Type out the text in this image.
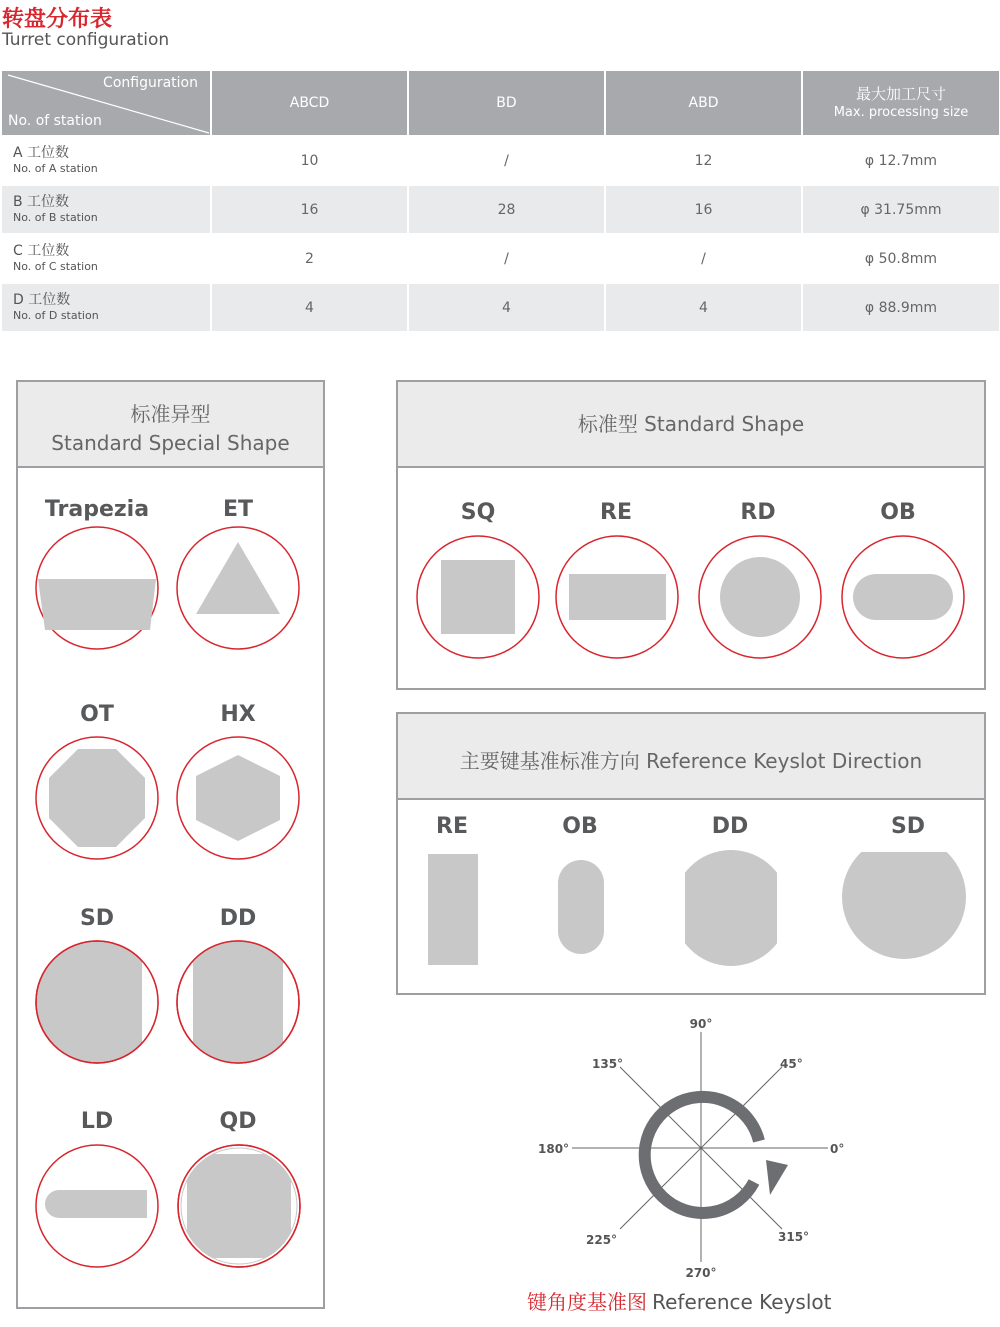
转盘分布表
Turret configuration
Configuration
No. of station	ABCD	BD	ABD	最大加工尺寸
Max. processing size

A 工位数
No. of A station	10	/	12	φ 12.7mm

B 工位数
No. of B station	16	28	16	φ 31.75mm

C 工位数
No. of C station	2	/	/	φ 50.8mm

D 工位数
No. of D station	4	4	4	φ 88.9mm
标准异型
Standard Special Shape
Trapezia	ET
OT	HX
SD	DD
LD	QD
标准型 Standard Shape
SQ	RE	RD	OB
主要键基准标准方向 Reference Keyslot Direction
RE	OB	DD	SD
90°
45°
0°
315°
270°
225°
180°
135°
键角度基准图 Reference Keyslot
